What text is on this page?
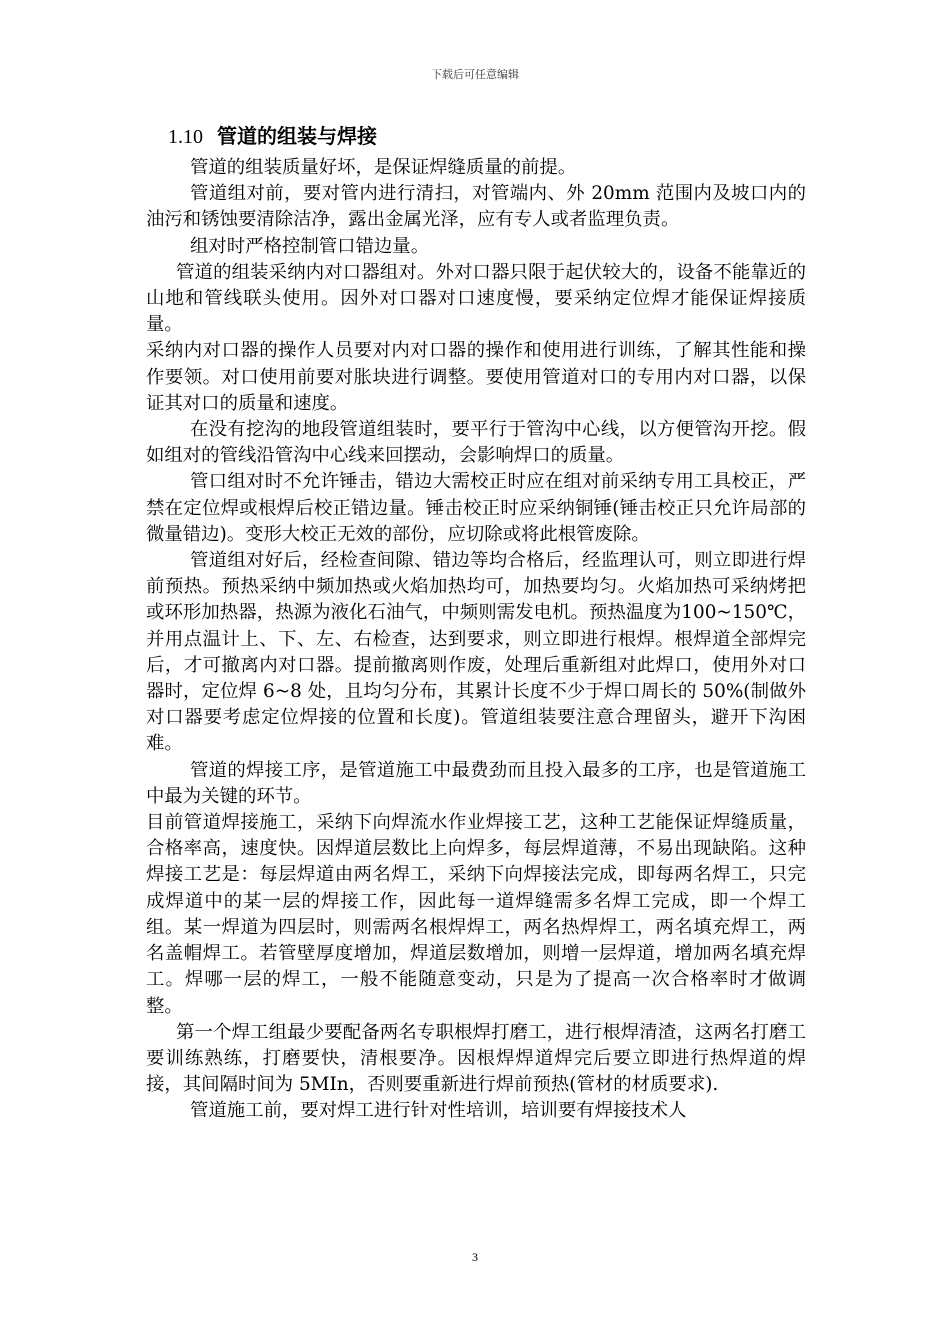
下载后可任意编辑
1.10 管道的组装与焊接

管道的组装质量好坏，是保证焊缝质量的前提。

管道组对前，要对管内进行清扫，对管端内、外 20mm 范围内及坡口内的油污和锈蚀要清除洁净，露出金属光泽，应有专人或者监理负责。

组对时严格控制管口错边量。

管道的组装采纳内对口器组对。外对口器只限于起伏较大的，设备不能靠近的山地和管线联头使用。因外对口器对口速度慢，要采纳定位焊才能保证焊接质量。

采纳内对口器的操作人员要对内对口器的操作和使用进行训练，了解其性能和操作要领。对口使用前要对胀块进行调整。要使用管道对口的专用内对口器，以保证其对口的质量和速度。

在没有挖沟的地段管道组装时，要平行于管沟中心线，以方便管沟开挖。假如组对的管线沿管沟中心线来回摆动，会影响焊口的质量。

管口组对时不允许锤击，错边大需校正时应在组对前采纳专用工具校正，严禁在定位焊或根焊后校正错边量。锤击校正时应采纳铜锤(锤击校正只允许局部的微量错边)。变形大校正无效的部份，应切除或将此根管废除。

管道组对好后，经检查间隙、错边等均合格后，经监理认可，则立即进行焊前预热。预热采纳中频加热或火焰加热均可，加热要均匀。火焰加热可采纳烤把或环形加热器，热源为液化石油气，中频则需发电机。预热温度为100~150℃，并用点温计上、下、左、右检查，达到要求，则立即进行根焊。根焊道全部焊完后，才可撤离内对口器。提前撤离则作废，处理后重新组对此焊口，使用外对口器时，定位焊 6~8 处，且均匀分布，其累计长度不少于焊口周长的 50%(制做外对口器要考虑定位焊接的位置和长度)。管道组装要注意合理留头，避开下沟困难。

管道的焊接工序，是管道施工中最费劲而且投入最多的工序，也是管道施工中最为关键的环节。

目前管道焊接施工，采纳下向焊流水作业焊接工艺，这种工艺能保证焊缝质量，合格率高，速度快。因焊道层数比上向焊多，每层焊道薄，不易出现缺陷。这种焊接工艺是：每层焊道由两名焊工，采纳下向焊接法完成，即每两名焊工，只完成焊道中的某一层的焊接工作，因此每一道焊缝需多名焊工完成，即一个焊工组。某一焊道为四层时，则需两名根焊焊工，两名热焊焊工，两名填充焊工，两名盖帽焊工。若管壁厚度增加，焊道层数增加，则增一层焊道，增加两名填充焊工。焊哪一层的焊工，一般不能随意变动，只是为了提高一次合格率时才做调整。

第一个焊工组最少要配备两名专职根焊打磨工，进行根焊清渣，这两名打磨工要训练熟练，打磨要快，清根要净。因根焊焊道焊完后要立即进行热焊道的焊接，其间隔时间为 5MIn，否则要重新进行焊前预热(管材的材质要求).

管道施工前，要对焊工进行针对性培训，培训要有焊接技术人

3
